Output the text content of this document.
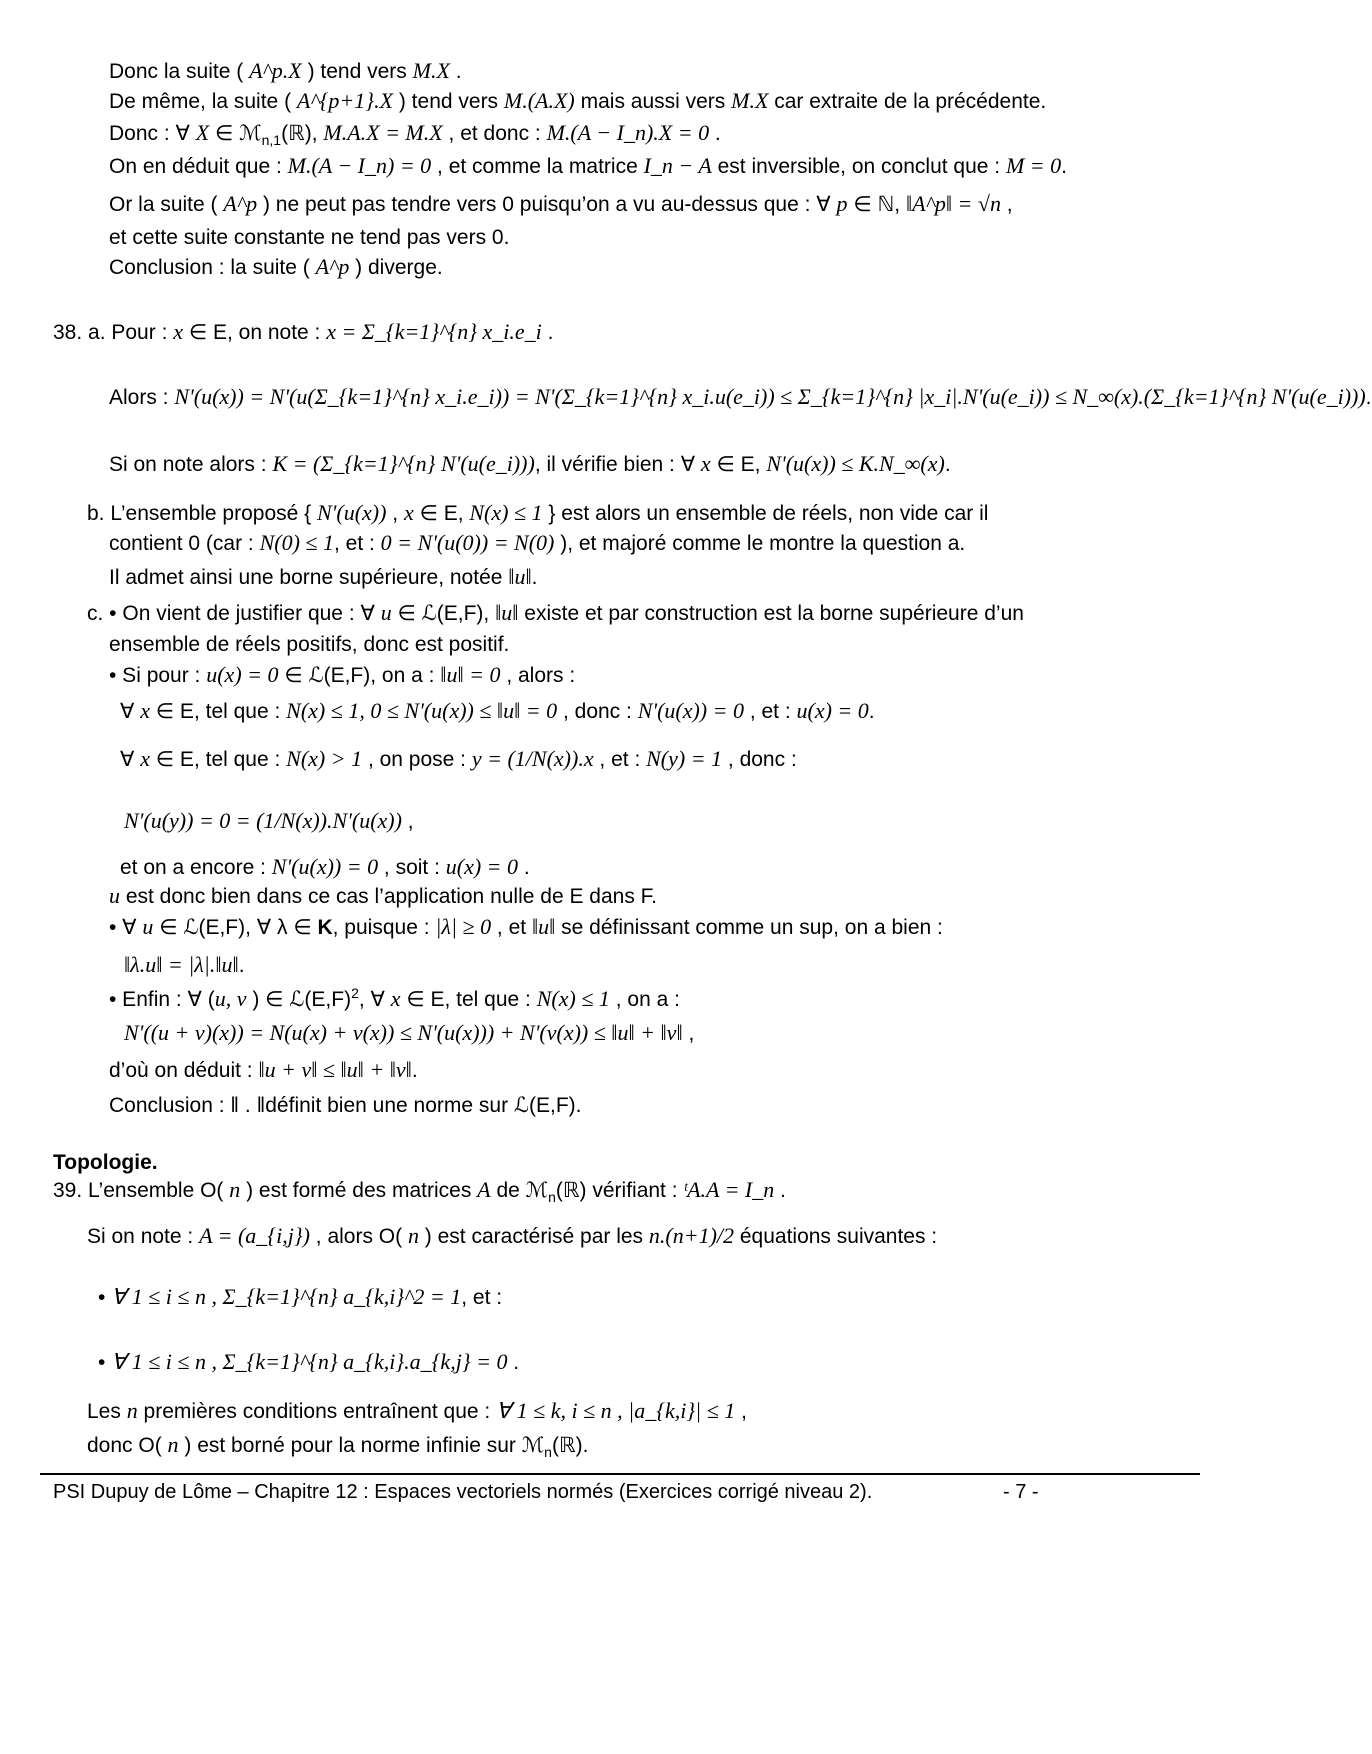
Donc la suite ( A^p.X ) tend vers M.X .
De même, la suite ( A^{p+1}.X ) tend vers M.(A.X) mais aussi vers M.X car extraite de la précédente.
Donc : ∀ X ∈ ℳ$_{n,1}$(ℝ), M.A.X = M.X , et donc : M.(A − I_n).X = 0 .
On en déduit que : M.(A − I_n) = 0 , et comme la matrice I_n − A est inversible, on conclut que : M = 0.
Or la suite ( A^p ) ne peut pas tendre vers 0 puisqu’on a vu au-dessus que : ∀ p ∈ ℕ, ‖A^p‖ = √n ,
et cette suite constante ne tend pas vers 0.
Conclusion : la suite ( A^p ) diverge.
38. a. Pour : x ∈ E, on note : x = Σ_{k=1}^{n} x_i.e_i .
Alors : N'(u(x)) = N'(u(Σ_{k=1}^{n} x_i.e_i)) = N'(Σ_{k=1}^{n} x_i.u(e_i)) ≤ Σ_{k=1}^{n} |x_i|.N'(u(e_i)) ≤ N_∞(x).(Σ_{k=1}^{n} N'(u(e_i))).
Si on note alors : K = (Σ_{k=1}^{n} N'(u(e_i))), il vérifie bien : ∀ x ∈ E, N'(u(x)) ≤ K.N_∞(x).
b. L’ensemble proposé { N'(u(x)) , x ∈ E, N(x) ≤ 1 } est alors un ensemble de réels, non vide car il
contient 0 (car : N(0) ≤ 1, et : 0 = N'(u(0)) = N(0) ), et majoré comme le montre la question a.
Il admet ainsi une borne supérieure, notée ‖u‖.
c. • On vient de justifier que : ∀ u ∈ ℒ(E,F), ‖u‖ existe et par construction est la borne supérieure d’un
ensemble de réels positifs, donc est positif.
• Si pour : u(x) = 0 ∈ ℒ(E,F), on a : ‖u‖ = 0 , alors :
∀ x ∈ E, tel que : N(x) ≤ 1, 0 ≤ N'(u(x)) ≤ ‖u‖ = 0 , donc : N'(u(x)) = 0 , et : u(x) = 0.
∀ x ∈ E, tel que : N(x) > 1 , on pose : y = (1/N(x)).x , et : N(y) = 1 , donc :
N'(u(y)) = 0 = (1/N(x)).N'(u(x)) ,
et on a encore : N'(u(x)) = 0 , soit : u(x) = 0 .
u est donc bien dans ce cas l’application nulle de E dans F.
• ∀ u ∈ ℒ(E,F), ∀ λ ∈ K, puisque : |λ| ≥ 0 , et ‖u‖ se définissant comme un sup, on a bien :
‖λ.u‖ = |λ|.‖u‖.
• Enfin : ∀ (u, v ) ∈ $ℒ(E,F)^2$, ∀ x ∈ E, tel que : N(x) ≤ 1 , on a :
N'((u + v)(x)) = N(u(x) + v(x)) ≤ N'(u(x))) + N'(v(x)) ≤ ‖u‖ + ‖v‖ ,
d’où on déduit : ‖u + v‖ ≤ ‖u‖ + ‖v‖.
Conclusion : ‖ . ‖définit bien une norme sur ℒ(E,F).
Topologie.
39. L’ensemble O( n ) est formé des matrices A de ℳ$_n$(ℝ) vérifiant : ᵗA.A = I_n .
Si on note : A = (a_{i,j}) , alors O( n ) est caractérisé par les n.(n+1)/2 équations suivantes :
• ∀ 1 ≤ i ≤ n , Σ_{k=1}^{n} a_{k,i}^2 = 1, et :
• ∀ 1 ≤ i ≤ n , Σ_{k=1}^{n} a_{k,i}.a_{k,j} = 0 .
Les n premières conditions entraînent que : ∀ 1 ≤ k, i ≤ n , |a_{k,i}| ≤ 1 ,
donc O( n ) est borné pour la norme infinie sur ℳ$_n$(ℝ).
PSI Dupuy de Lôme – Chapitre 12 : Espaces vectoriels normés (Exercices corrigé niveau 2).	- 7 -
